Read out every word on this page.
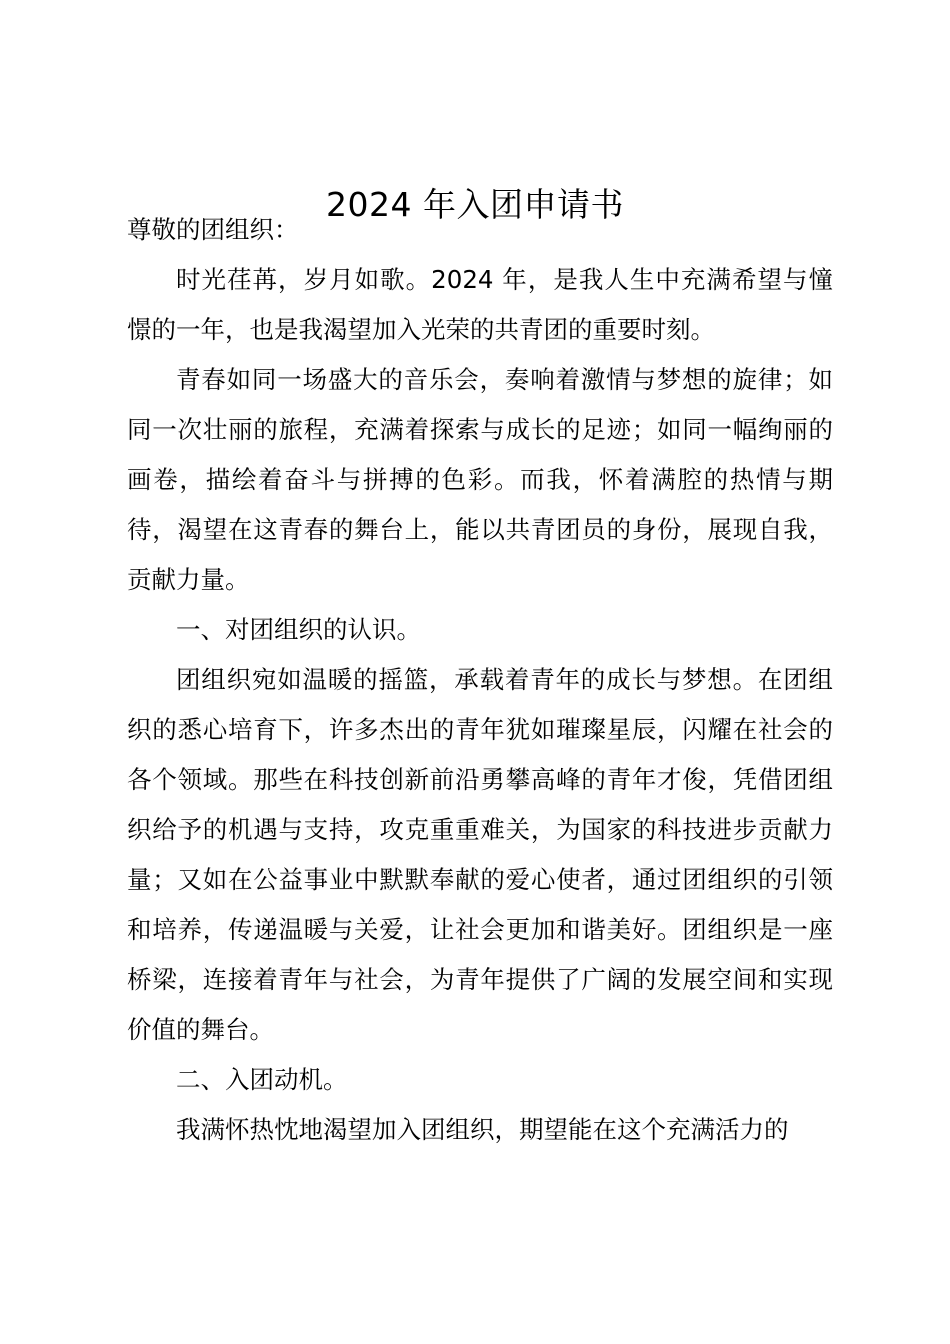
2024 年入团申请书

尊敬的团组织：

时光荏苒，岁月如歌。2024 年，是我人生中充满希望与憧憬的一年，也是我渴望加入光荣的共青团的重要时刻。

青春如同一场盛大的音乐会，奏响着激情与梦想的旋律；如同一次壮丽的旅程，充满着探索与成长的足迹；如同一幅绚丽的画卷，描绘着奋斗与拼搏的色彩。而我，怀着满腔的热情与期待，渴望在这青春的舞台上，能以共青团员的身份，展现自我，贡献力量。

一、对团组织的认识。

团组织宛如温暖的摇篮，承载着青年的成长与梦想。在团组织的悉心培育下，许多杰出的青年犹如璀璨星辰，闪耀在社会的各个领域。那些在科技创新前沿勇攀高峰的青年才俊，凭借团组织给予的机遇与支持，攻克重重难关，为国家的科技进步贡献力量；又如在公益事业中默默奉献的爱心使者，通过团组织的引领和培养，传递温暖与关爱，让社会更加和谐美好。团组织是一座桥梁，连接着青年与社会，为青年提供了广阔的发展空间和实现价值的舞台。

二、入团动机。

我满怀热忱地渴望加入团组织，期望能在这个充满活力的
